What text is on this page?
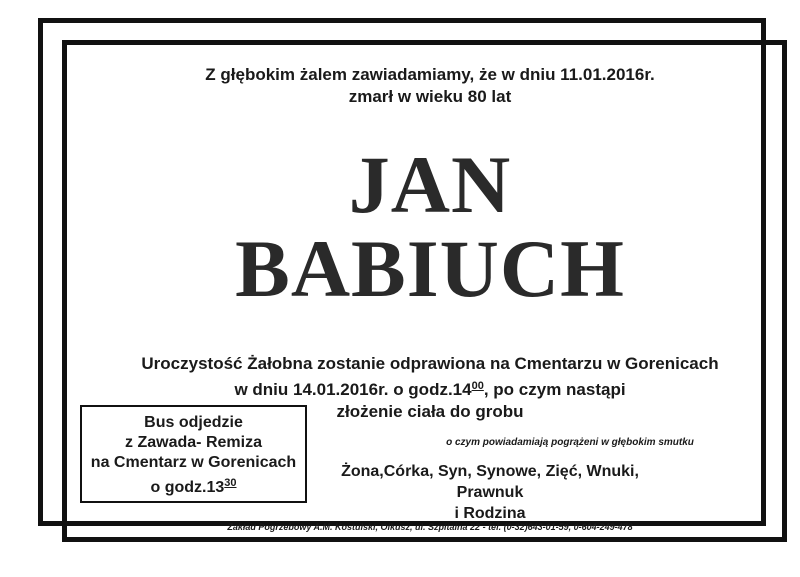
Z głębokim żalem zawiadamiamy, że w dniu 11.01.2016r.
zmarł w wieku 80 lat
JAN
BABIUCH
Uroczystość Żałobna zostanie odprawiona na Cmentarzu w Gorenicach
w dniu 14.01.2016r. o $godz.14^{00}$, po czym nastąpi
złożenie ciała do grobu
Bus odjedzie
z Zawada- Remiza
na Cmentarz w Gorenicach
o $godz.13^{30}$
o czym powiadamiają pogrążeni w głębokim smutku
Żona,Córka, Syn, Synowe, Zięć, Wnuki, Prawnuk
i Rodzina
Zakład Pogrzebowy A.M. Kostulski, Olkusz, ul. Szpitalna 22 - tel. (0-32)643-01-59, 0-604-249-478
